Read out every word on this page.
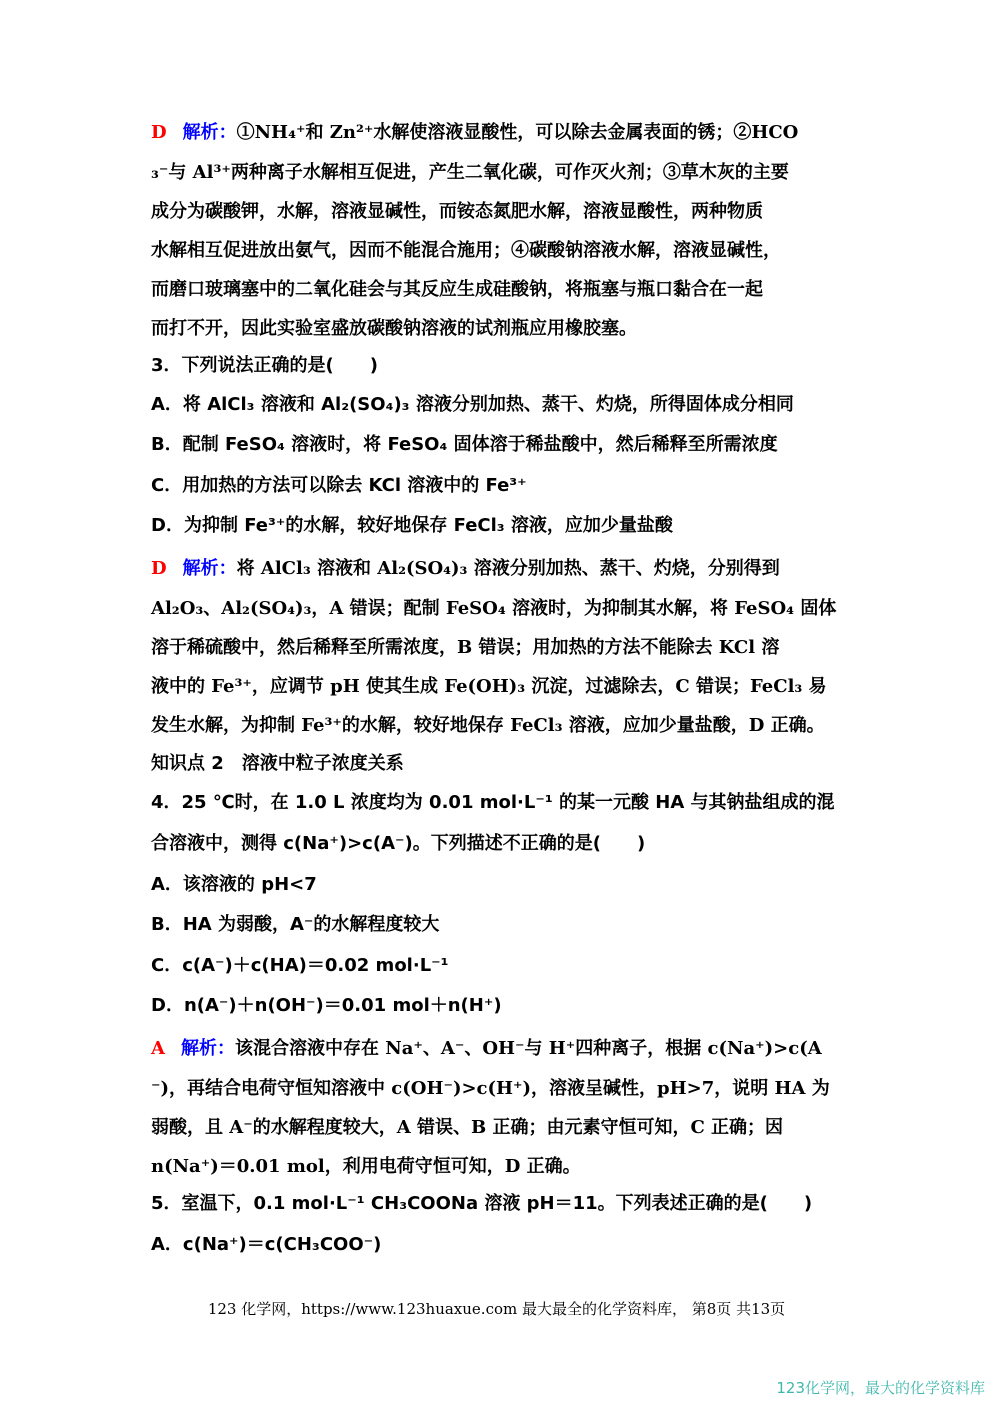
D 解析：①NH₄⁺和 Zn²⁺水解使溶液显酸性，可以除去金属表面的锈；②HCO
₃⁻与 Al³⁺两种离子水解相互促进，产生二氧化碳，可作灭火剂；③草木灰的主要
成分为碳酸钾，水解，溶液显碱性，而铵态氮肥水解，溶液显酸性，两种物质
水解相互促进放出氨气，因而不能混合施用；④碳酸钠溶液水解，溶液显碱性，
而磨口玻璃塞中的二氧化硅会与其反应生成硅酸钠，将瓶塞与瓶口黏合在一起
而打不开，因此实验室盛放碳酸钠溶液的试剂瓶应用橡胶塞。
3．下列说法正确的是(　　)
A．将 AlCl₃ 溶液和 Al₂(SO₄)₃ 溶液分别加热、蒸干、灼烧，所得固体成分相同
B．配制 FeSO₄ 溶液时，将 FeSO₄ 固体溶于稀盐酸中，然后稀释至所需浓度
C．用加热的方法可以除去 KCl 溶液中的 Fe³⁺
D．为抑制 Fe³⁺的水解，较好地保存 FeCl₃ 溶液，应加少量盐酸
D 解析：将 AlCl₃ 溶液和 Al₂(SO₄)₃ 溶液分别加热、蒸干、灼烧，分别得到
Al₂O₃、Al₂(SO₄)₃，A 错误；配制 FeSO₄ 溶液时，为抑制其水解，将 FeSO₄ 固体
溶于稀硫酸中，然后稀释至所需浓度，B 错误；用加热的方法不能除去 KCl 溶
液中的 Fe³⁺，应调节 pH 使其生成 Fe(OH)₃ 沉淀，过滤除去，C 错误；FeCl₃ 易
发生水解，为抑制 Fe³⁺的水解，较好地保存 FeCl₃ 溶液，应加少量盐酸，D 正确。
知识点 2　溶液中粒子浓度关系
4．25 ℃时，在 1.0 L 浓度均为 0.01 mol·L⁻¹ 的某一元酸 HA 与其钠盐组成的混
合溶液中，测得 c(Na⁺)>c(A⁻)。下列描述不正确的是(　　)
A．该溶液的 pH<7
B．HA 为弱酸，A⁻的水解程度较大
C．c(A⁻)＋c(HA)＝0.02 mol·L⁻¹
D．n(A⁻)＋n(OH⁻)＝0.01 mol＋n(H⁺)
A 解析：该混合溶液中存在 Na⁺、A⁻、OH⁻与 H⁺四种离子，根据 c(Na⁺)>c(A
⁻)，再结合电荷守恒知溶液中 c(OH⁻)>c(H⁺)，溶液呈碱性，pH>7，说明 HA 为
弱酸，且 A⁻的水解程度较大，A 错误、B 正确；由元素守恒可知，C 正确；因
n(Na⁺)＝0.01 mol，利用电荷守恒可知，D 正确。
5．室温下，0.1 mol·L⁻¹ CH₃COONa 溶液 pH＝11。下列表述正确的是(　　)
A．c(Na⁺)＝c(CH₃COO⁻)
123 化学网，https://www.123huaxue.com 最大最全的化学资料库， 第8页 共13页
123化学网，最大的化学资料库
